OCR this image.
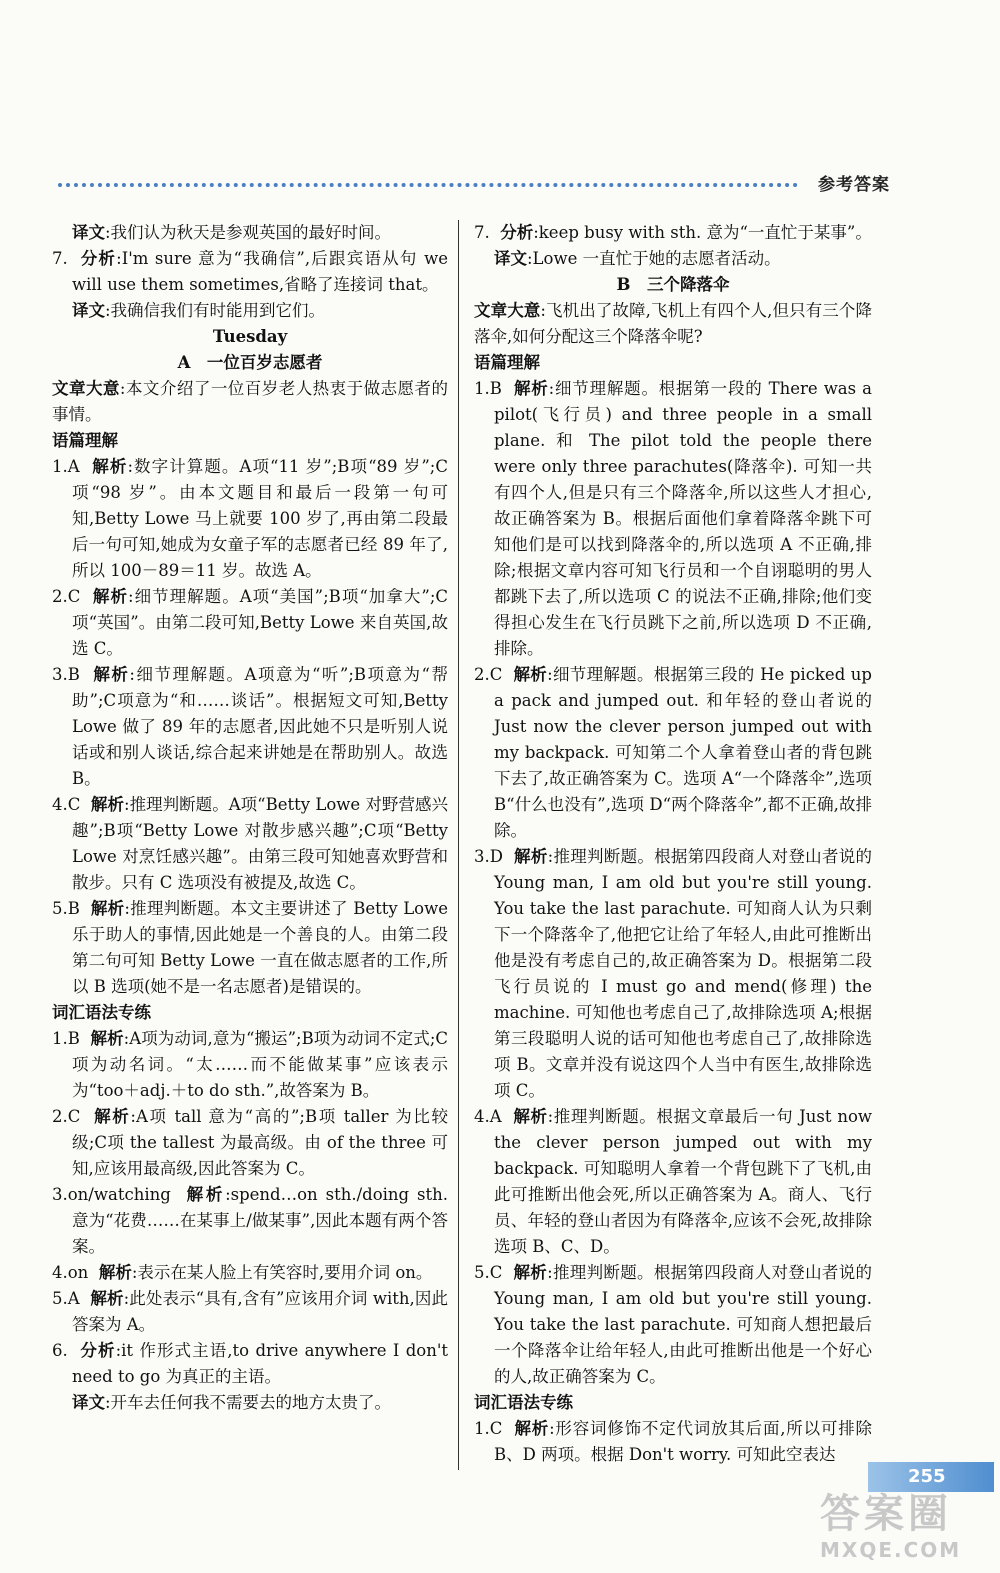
参考答案

译文:我们认为秋天是参观英国的最好时间。

7. 分析:I'm sure 意为“我确信”,后跟宾语从句 we will use them sometimes,省略了连接词 that。

译文:我确信我们有时能用到它们。

Tuesday

A　一位百岁志愿者

文章大意:本文介绍了一位百岁老人热衷于做志愿者的事情。

语篇理解

1.A 解析:数字计算题。A项“11 岁”;B项“89 岁”;C项“98 岁”。由本文题目和最后一段第一句可知,Betty Lowe 马上就要 100 岁了,再由第二段最后一句可知,她成为女童子军的志愿者已经 89 年了,所以 100－89＝11 岁。故选 A。

2.C 解析:细节理解题。A项“美国”;B项“加拿大”;C项“英国”。由第二段可知,Betty Lowe 来自英国,故选 C。

3.B 解析:细节理解题。A项意为“听”;B项意为“帮助”;C项意为“和……谈话”。根据短文可知,Betty Lowe 做了 89 年的志愿者,因此她不只是听别人说话或和别人谈话,综合起来讲她是在帮助别人。故选 B。

4.C 解析:推理判断题。A项“Betty Lowe 对野营感兴趣”;B项“Betty Lowe 对散步感兴趣”;C项“Betty Lowe 对烹饪感兴趣”。由第三段可知她喜欢野营和散步。只有 C 选项没有被提及,故选 C。

5.B 解析:推理判断题。本文主要讲述了 Betty Lowe 乐于助人的事情,因此她是一个善良的人。由第二段第二句可知 Betty Lowe 一直在做志愿者的工作,所以 B 选项(她不是一名志愿者)是错误的。

词汇语法专练

1.B 解析:A项为动词,意为“搬运”;B项为动词不定式;C项为动名词。“太……而不能做某事”应该表示为“too＋adj.＋to do sth.”,故答案为 B。

2.C 解析:A项 tall 意为“高的”;B项 taller 为比较级;C项 the tallest 为最高级。由 of the three 可知,应该用最高级,因此答案为 C。

3.on/watching 解析:spend…on sth./doing sth. 意为“花费……在某事上/做某事”,因此本题有两个答案。

4.on 解析:表示在某人脸上有笑容时,要用介词 on。

5.A 解析:此处表示“具有,含有”应该用介词 with,因此答案为 A。

6. 分析:it 作形式主语,to drive anywhere I don't need to go 为真正的主语。

译文:开车去任何我不需要去的地方太贵了。

7. 分析:keep busy with sth. 意为“一直忙于某事”。

译文:Lowe 一直忙于她的志愿者活动。

B　三个降落伞

文章大意:飞机出了故障,飞机上有四个人,但只有三个降落伞,如何分配这三个降落伞呢?

语篇理解

1.B 解析:细节理解题。根据第一段的 There was a pilot(飞行员) and three people in a small plane. 和 The pilot told the people there were only three parachutes(降落伞). 可知一共有四个人,但是只有三个降落伞,所以这些人才担心,故正确答案为 B。根据后面他们拿着降落伞跳下可知他们是可以找到降落伞的,所以选项 A 不正确,排除;根据文章内容可知飞行员和一个自诩聪明的男人都跳下去了,所以选项 C 的说法不正确,排除;他们变得担心发生在飞行员跳下之前,所以选项 D 不正确,排除。

2.C 解析:细节理解题。根据第三段的 He picked up a pack and jumped out. 和年轻的登山者说的 Just now the clever person jumped out with my backpack. 可知第二个人拿着登山者的背包跳下去了,故正确答案为 C。选项 A“一个降落伞”,选项 B“什么也没有”,选项 D“两个降落伞”,都不正确,故排除。

3.D 解析:推理判断题。根据第四段商人对登山者说的 Young man, I am old but you're still young. You take the last parachute. 可知商人认为只剩下一个降落伞了,他把它让给了年轻人,由此可推断出他是没有考虑自己的,故正确答案为 D。根据第二段飞行员说的 I must go and mend(修理) the machine. 可知他也考虑自己了,故排除选项 A;根据第三段聪明人说的话可知他也考虑自己了,故排除选项 B。文章并没有说这四个人当中有医生,故排除选项 C。

4.A 解析:推理判断题。根据文章最后一句 Just now the clever person jumped out with my backpack. 可知聪明人拿着一个背包跳下了飞机,由此可推断出他会死,所以正确答案为 A。商人、飞行员、年轻的登山者因为有降落伞,应该不会死,故排除选项 B、C、D。

5.C 解析:推理判断题。根据第四段商人对登山者说的 Young man, I am old but you're still young. You take the last parachute. 可知商人想把最后一个降落伞让给年轻人,由此可推断出他是一个好心的人,故正确答案为 C。

词汇语法专练

1.C 解析:形容词修饰不定代词放其后面,所以可排除 B、D 两项。根据 Don't worry. 可知此空表达

255
答案圈
MXQE.COM
